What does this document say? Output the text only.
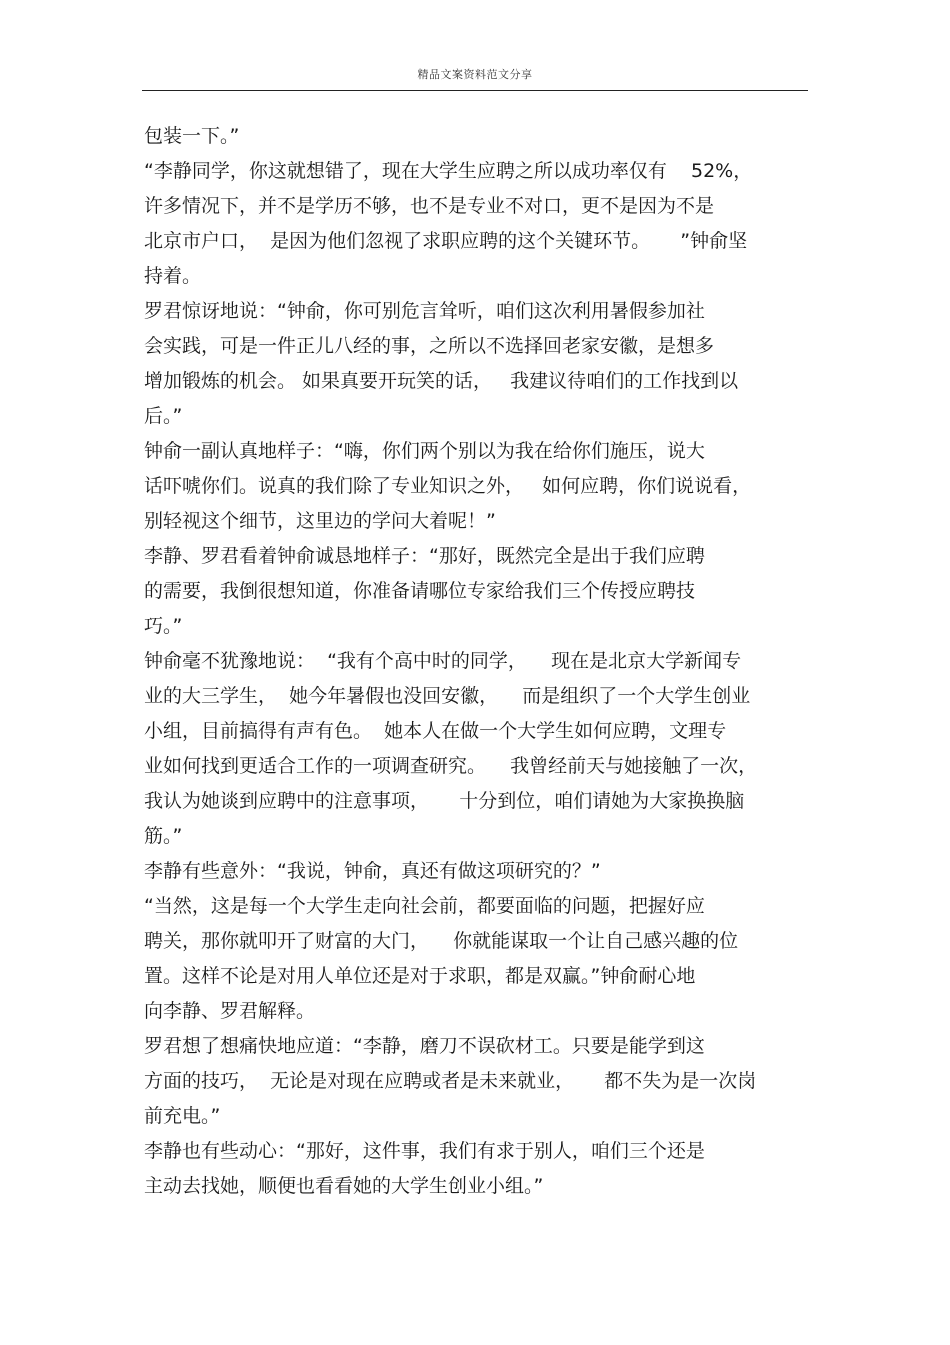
精品文案资料范文分享
包装一下。”
“李静同学，你这就想错了，现在大学生应聘之所以成功率仅有    52%，
许多情况下，并不是学历不够，也不是专业不对口，更不是因为不是
北京市户口，  是因为他们忽视了求职应聘的这个关键环节。     ”钟俞坚
持着。
罗君惊讶地说：“钟俞，你可别危言耸听，咱们这次利用暑假参加社
会实践，可是一件正儿八经的事，之所以不选择回老家安徽，是想多
增加锻炼的机会。 如果真要开玩笑的话，   我建议待咱们的工作找到以
后。”
钟俞一副认真地样子：“嗨，你们两个别以为我在给你们施压，说大
话吓唬你们。说真的我们除了专业知识之外，   如何应聘，你们说说看，
别轻视这个细节，这里边的学问大着呢！”
李静、罗君看着钟俞诚恳地样子：“那好，既然完全是出于我们应聘
的需要，我倒很想知道，你准备请哪位专家给我们三个传授应聘技
巧。”
钟俞毫不犹豫地说：  “我有个高中时的同学，    现在是北京大学新闻专
业的大三学生，  她今年暑假也没回安徽，    而是组织了一个大学生创业
小组，目前搞得有声有色。  她本人在做一个大学生如何应聘，文理专
业如何找到更适合工作的一项调查研究。    我曾经前天与她接触了一次，
我认为她谈到应聘中的注意事项，     十分到位，咱们请她为大家换换脑
筋。”
李静有些意外：“我说，钟俞，真还有做这项研究的？”
“当然，这是每一个大学生走向社会前，都要面临的问题，把握好应
聘关，那你就叩开了财富的大门，    你就能谋取一个让自己感兴趣的位
置。这样不论是对用人单位还是对于求职，都是双赢。”钟俞耐心地
向李静、罗君解释。
罗君想了想痛快地应道：“李静，磨刀不误砍材工。只要是能学到这
方面的技巧，  无论是对现在应聘或者是未来就业，     都不失为是一次岗
前充电。”
李静也有些动心：“那好，这件事，我们有求于别人，咱们三个还是
主动去找她，顺便也看看她的大学生创业小组。”
